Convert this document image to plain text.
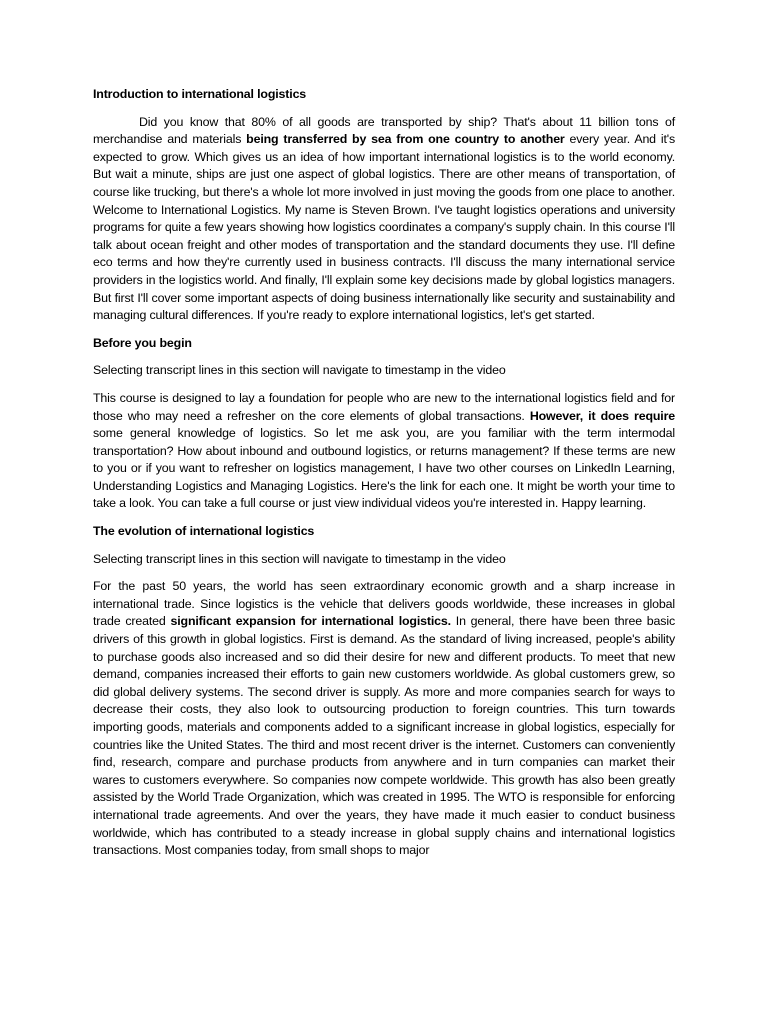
Introduction to international logistics

Did you know that 80% of all goods are transported by ship? That's about 11 billion tons of merchandise and materials being transferred by sea from one country to another every year. And it's expected to grow. Which gives us an idea of how important international logistics is to the world economy. But wait a minute, ships are just one aspect of global logistics. There are other means of transportation, of course like trucking, but there's a whole lot more involved in just moving the goods from one place to another. Welcome to International Logistics. My name is Steven Brown. I've taught logistics operations and university programs for quite a few years showing how logistics coordinates a company's supply chain. In this course I'll talk about ocean freight and other modes of transportation and the standard documents they use. I'll define eco terms and how they're currently used in business contracts. I'll discuss the many international service providers in the logistics world. And finally, I'll explain some key decisions made by global logistics managers. But first I'll cover some important aspects of doing business internationally like security and sustainability and managing cultural differences. If you're ready to explore international logistics, let's get started.

Before you begin
Selecting transcript lines in this section will navigate to timestamp in the video

This course is designed to lay a foundation for people who are new to the international logistics field and for those who may need a refresher on the core elements of global transactions. However, it does require some general knowledge of logistics. So let me ask you, are you familiar with the term intermodal transportation? How about inbound and outbound logistics, or returns management? If these terms are new to you or if you want to refresher on logistics management, I have two other courses on LinkedIn Learning, Understanding Logistics and Managing Logistics. Here's the link for each one. It might be worth your time to take a look. You can take a full course or just view individual videos you're interested in. Happy learning.

The evolution of international logistics
Selecting transcript lines in this section will navigate to timestamp in the video

For the past 50 years, the world has seen extraordinary economic growth and a sharp increase in international trade. Since logistics is the vehicle that delivers goods worldwide, these increases in global trade created significant expansion for international logistics. In general, there have been three basic drivers of this growth in global logistics. First is demand. As the standard of living increased, people's ability to purchase goods also increased and so did their desire for new and different products. To meet that new demand, companies increased their efforts to gain new customers worldwide. As global customers grew, so did global delivery systems. The second driver is supply. As more and more companies search for ways to decrease their costs, they also look to outsourcing production to foreign countries. This turn towards importing goods, materials and components added to a significant increase in global logistics, especially for countries like the United States. The third and most recent driver is the internet. Customers can conveniently find, research, compare and purchase products from anywhere and in turn companies can market their wares to customers everywhere. So companies now compete worldwide. This growth has also been greatly assisted by the World Trade Organization, which was created in 1995. The WTO is responsible for enforcing international trade agreements. And over the years, they have made it much easier to conduct business worldwide, which has contributed to a steady increase in global supply chains and international logistics transactions. Most companies today, from small shops to major
